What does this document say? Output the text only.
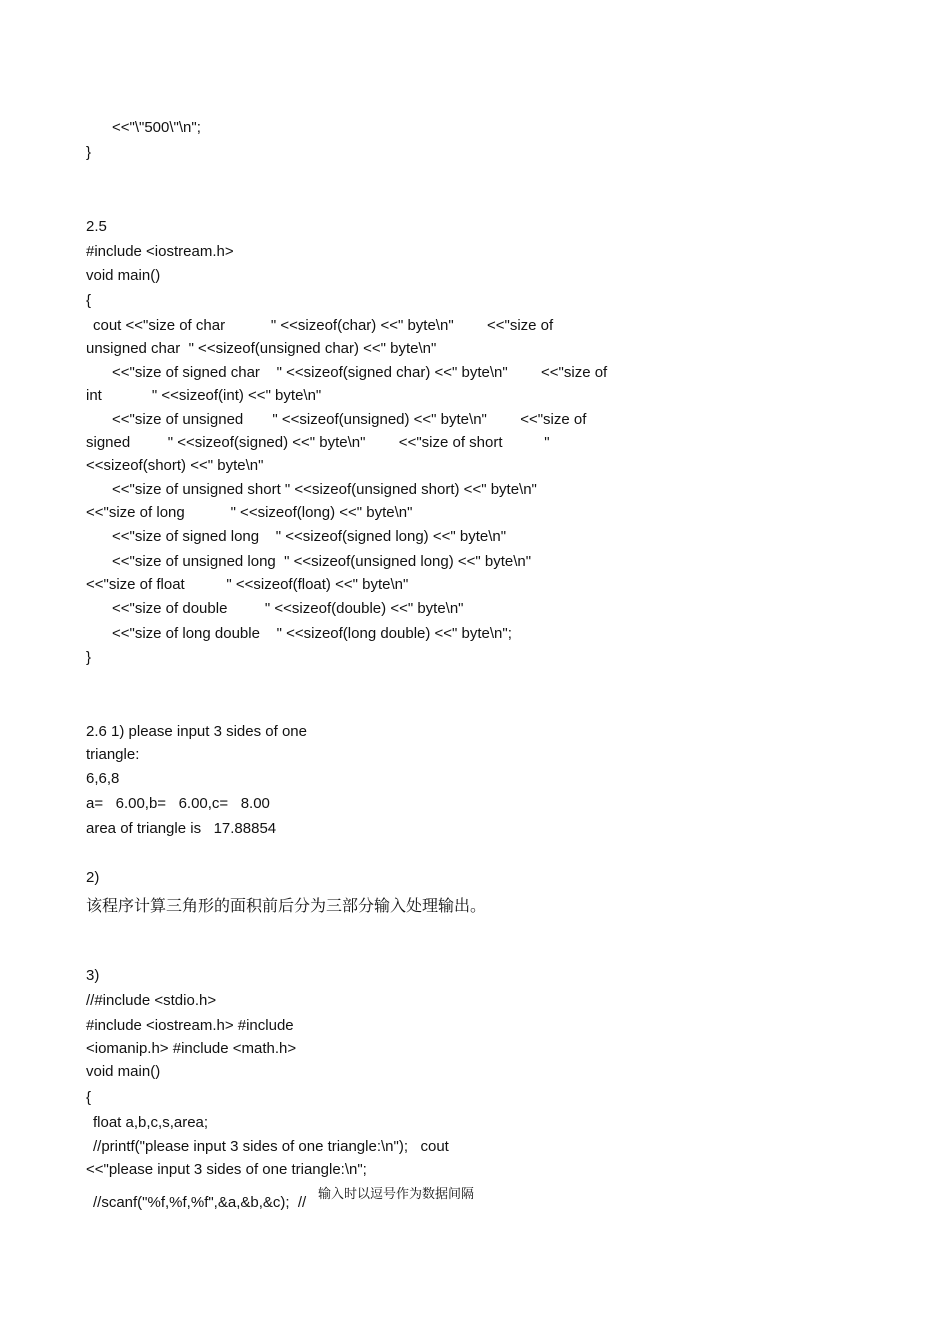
<<"\"500\"\n";
}
2.5
#include <iostream.h>
void main()
{
cout <<"size of char           " <<sizeof(char) <<" byte\n"        <<"size of
unsigned char  " <<sizeof(unsigned char) <<" byte\n"
<<"size of signed char    " <<sizeof(signed char) <<" byte\n"        <<"size of
int            " <<sizeof(int) <<" byte\n"
<<"size of unsigned       " <<sizeof(unsigned) <<" byte\n"        <<"size of
signed         " <<sizeof(signed) <<" byte\n"        <<"size of short          "
<<sizeof(short) <<" byte\n"
<<"size of unsigned short " <<sizeof(unsigned short) <<" byte\n"
<<"size of long           " <<sizeof(long) <<" byte\n"
<<"size of signed long    " <<sizeof(signed long) <<" byte\n"
<<"size of unsigned long  " <<sizeof(unsigned long) <<" byte\n"
<<"size of float          " <<sizeof(float) <<" byte\n"
<<"size of double         " <<sizeof(double) <<" byte\n"
<<"size of long double    " <<sizeof(long double) <<" byte\n";
}
2.6 1) please input 3 sides of one
triangle:
6,6,8
a=   6.00,b=   6.00,c=   8.00
area of triangle is   17.88854
2)
该程序计算三角形的面积前后分为三部分输入处理输出。
3)
//#include <stdio.h>
#include <iostream.h> #include
<iomanip.h> #include <math.h>
void main()
{
float a,b,c,s,area;
//printf("please input 3 sides of one triangle:\n");   cout
<<"please input 3 sides of one triangle:\n";
//scanf("%f,%f,%f",&a,&b,&c);  // 输入时以逗号作为数据间隔
